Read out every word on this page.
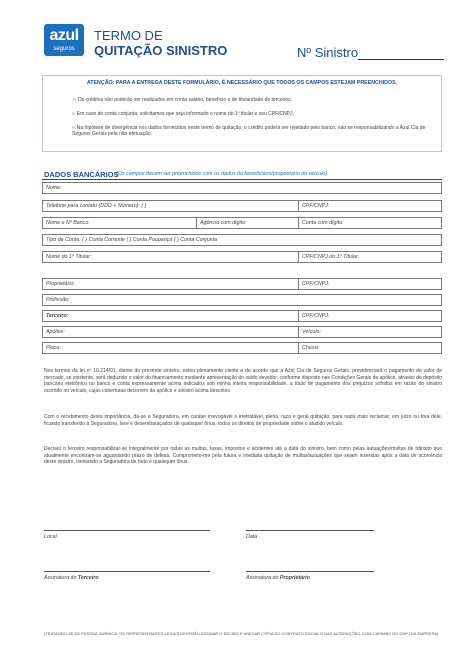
azul
seguros
TERMO DE
QUITAÇÃO SINISTRO	Nº Sinistro
ATENÇÃO: PARA A ENTREGA DESTE FORMULÁRIO, É NECESSÁRIO QUE TODOS OS CAMPOS ESTEJAM PREENCHIDOS.
» Os créditos não poderão ser realizados em conta salário, benefício e de titularidade de terceiros.
» Em caso de conta conjunta, solicitamos que seja informado o nome do 1º titular e seu CPF/CNPJ.
» Na hipótese de divergência nos dados fornecidos neste termo de quitação, o crédito poderá ser rejeitado pelo banco, não se responsabilizando a Azul Cia de Seguros Gerais pela não efetuação.
DADOS BANCÁRIOS
(Os campos devem ser preenchidos com os dados do beneficiário/proprietário do veículo)
Nome:
Telefone para contato (DDD + Número): ( )	CPF/CNPJ:
Nome e Nº Banco:	Agência com dígito:	Conta com dígito:
Tipo de Conta: ( ) Conta Corrente ( ) Conta Poupança ( ) Conta Conjunta
Nome do 1º Titular:	CPF/CNPJ do 1º Titular:
Proprietário:	CPF/CNPJ:
Profissão:
Terceiro:	CPF/CNPJ:
Apólice:	Veículo:
Placa:	Chassi:
Nos termos da lei nº 10.214/01, diante do presente sinistro, estou plenamente ciente e de acordo que a Azul Cia de Seguros Gerais, providenciará o pagamento do valor de mercado, se existente, será deduzido o valor do financiamento mediante apresentação do saldo devedor, conforme disposto nas Condições Gerais da apólice, através de depósito bancário eletrônico no banco e conta expressamente acima indicados sob minha inteira responsabilidade, a título de pagamento dos prejuízos sofridos em razão do sinistro ocorrido no veículo, cujas coberturas decorrem da apólice e sinistro acima descritos.
Com o recebimento desta importância, dá-se a Seguradora, em caráter irrevogável e irretratável, plena, raza e geral quitação, para nada mais reclamar, em juízo ou fora dele, ficando transferido à Seguradora, livre e desembaraçados de quaisquer ônus, todos os direitos de propriedade sobre o aludido veículo.
Declaro o terceiro responsabilizar-se integralmente por todas as multas, taxas, impostos e acidentes até a data do sinistro, bem como pelas autuações/multas de trânsito que atualmente encontram-se aguardando prazo de defesa. Comprometo-me pela futura e imediata quitação de multas/autuações que sejam inseridas após a data de ocorrência deste sinistro, isentando a Seguradora de todo e quaisquer ônus.
Local	Data
Assinatura do Terceiro	Assinatura do Proprietário
(TRATANDO-SE DE PESSOA JURÍDICA, OS REPRESENTANTES LEGAIS DEVERÃO ASSINAR O RECIBO E ANEXAR CÓPIA DO CONTRATO SOCIAL E DAS ALTERAÇÕES, COM CARIMBO DO CNPJ DA EMPRESA)
